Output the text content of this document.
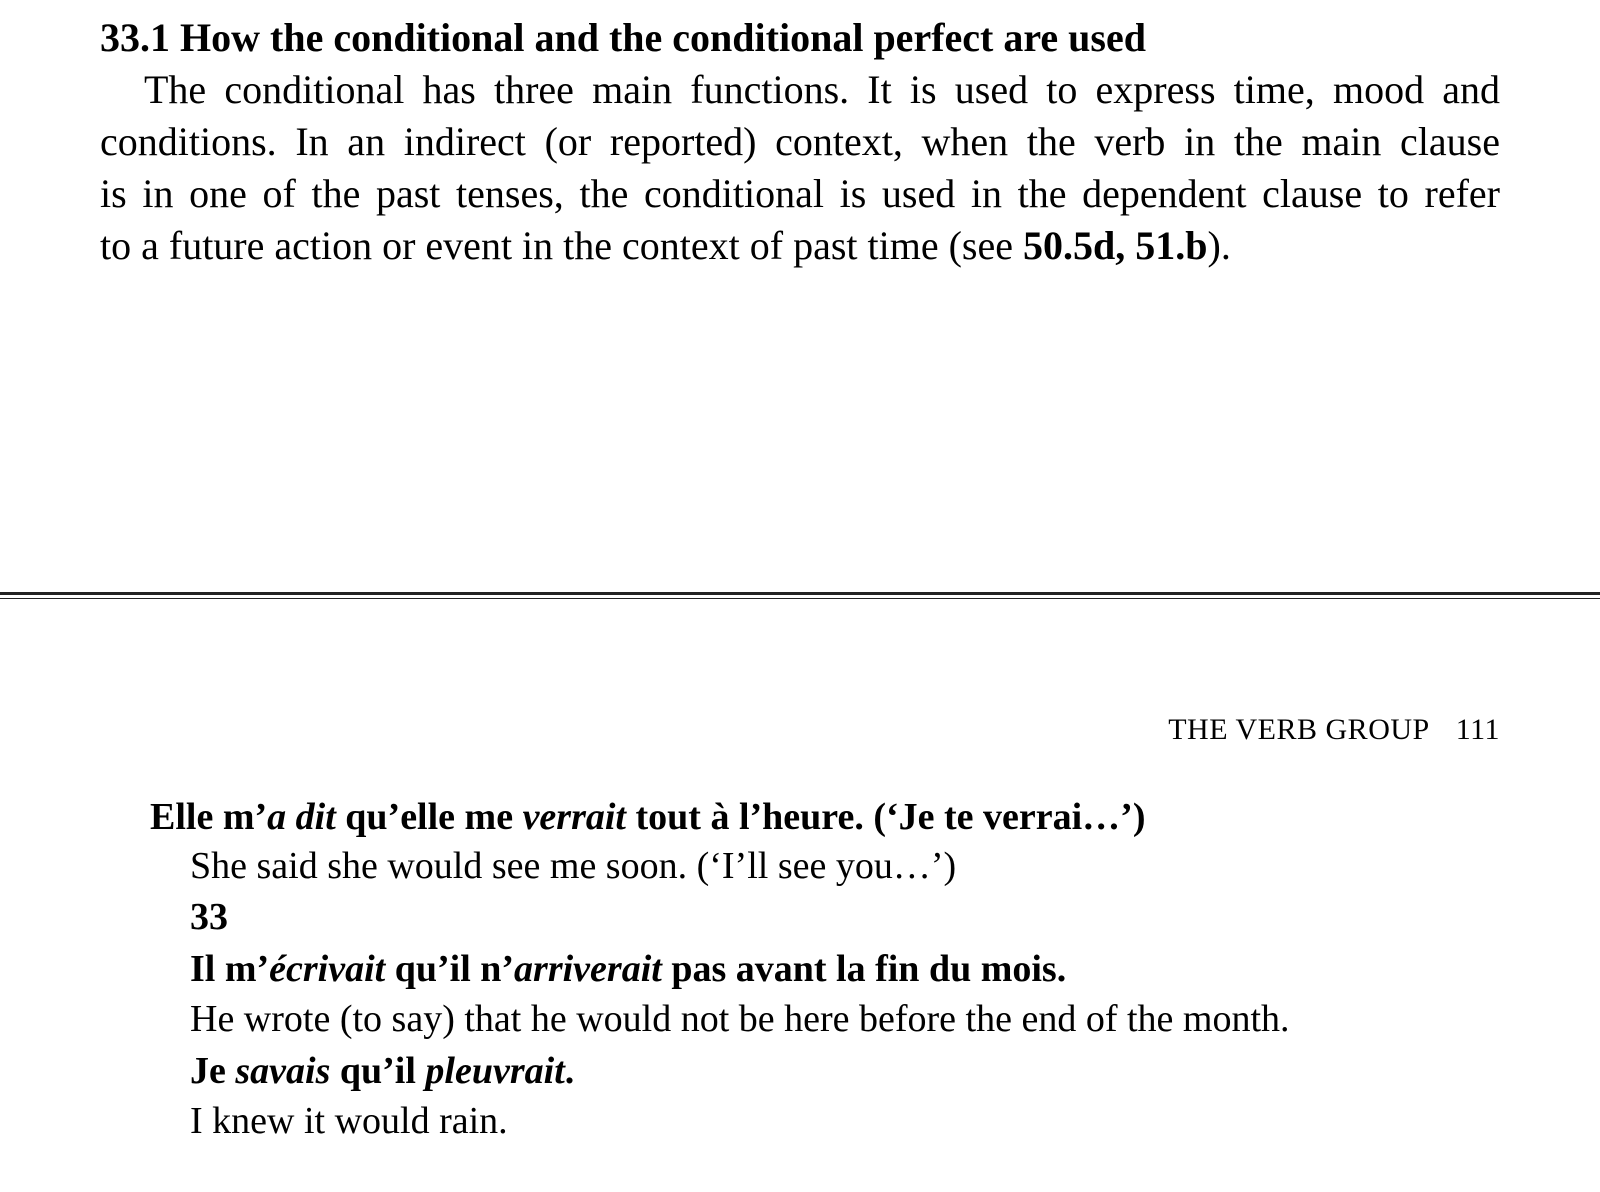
33.1 How the conditional and the conditional perfect are used
The conditional has three main functions. It is used to express time, mood and
conditions. In an indirect (or reported) context, when the verb in the main clause
is in one of the past tenses, the conditional is used in the dependent clause to refer
to a future action or event in the context of past time (see 50.5d, 51.b).
THE VERB GROUP 111
Elle m’a dit qu’elle me verrait tout à l’heure. (‘Je te verrai…’)
She said she would see me soon. (‘I’ll see you…’)
33
Il m’écrivait qu’il n’arriverait pas avant la fin du mois.
He wrote (to say) that he would not be here before the end of the month.
Je savais qu’il pleuvrait.
I knew it would rain.
